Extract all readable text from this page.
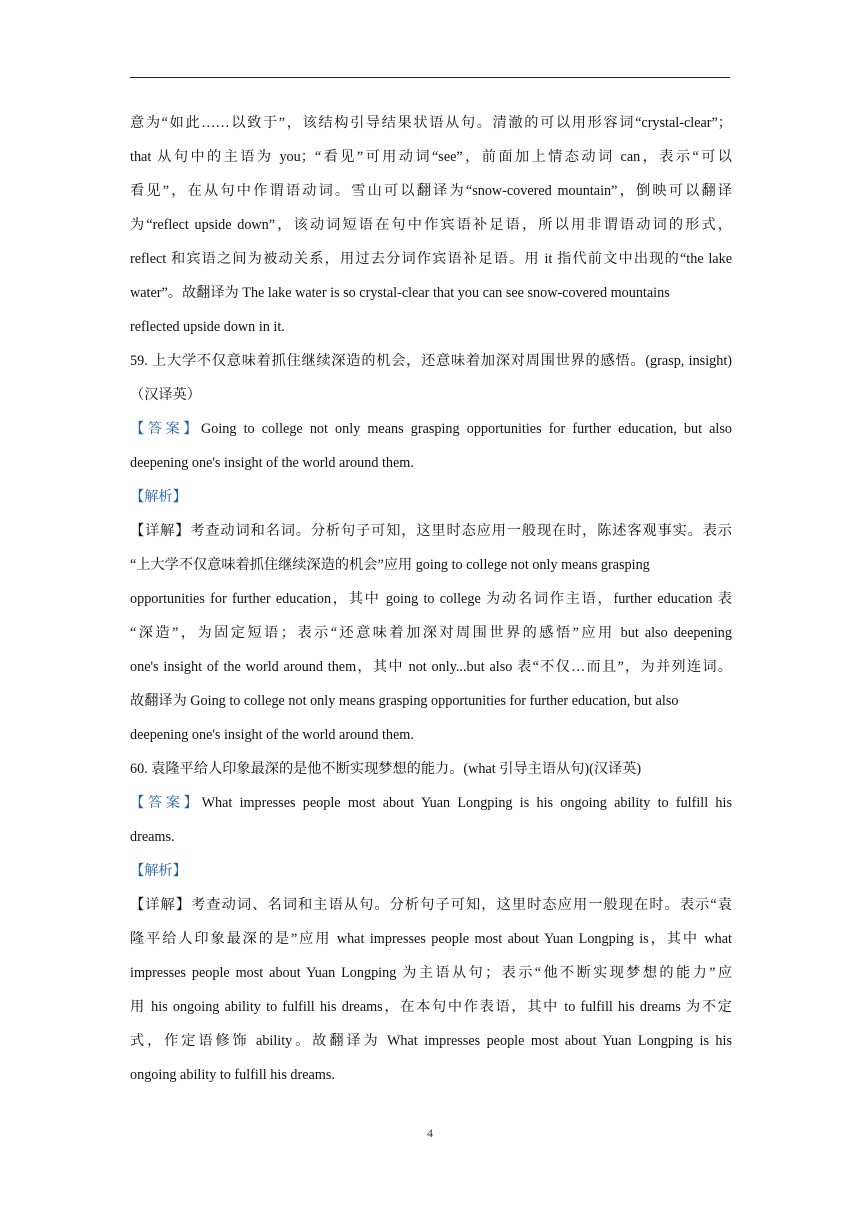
意为“如此……以致于”，该结构引导结果状语从句。清澈的可以用形容词“crystal-clear”；
that 从句中的主语为 you；“看见”可用动词“see”，前面加上情态动词 can，表示“可以
看见”，在从句中作谓语动词。雪山可以翻译为“snow-covered mountain”，倒映可以翻译
为“reflect upside down”，该动词短语在句中作宾语补足语，所以用非谓语动词的形式，
reflect 和宾语之间为被动关系，用过去分词作宾语补足语。用 it 指代前文中出现的“the lake
water”。故翻译为 The lake water is so crystal-clear that you can see snow-covered mountains
reflected upside down in it.
59. 上大学不仅意味着抓住继续深造的机会，还意味着加深对周围世界的感悟。(grasp, insight)
（汉译英）
【答案】Going to college not only means grasping opportunities for further education, but also
deepening one's insight of the world around them.
【解析】
【详解】考查动词和名词。分析句子可知，这里时态应用一般现在时，陈述客观事实。表示
“上大学不仅意味着抓住继续深造的机会”应用 going to college not only means grasping
opportunities for further education，其中 going to college 为动名词作主语，further education 表
“深造”，为固定短语；表示“还意味着加深对周围世界的感悟”应用 but also deepening
one's insight of the world around them，其中 not only...but also 表“不仅…而且”，为并列连词。
故翻译为 Going to college not only means grasping opportunities for further education, but also
deepening one's insight of the world around them.
60. 袁隆平给人印象最深的是他不断实现梦想的能力。(what 引导主语从句)(汉译英)
【答案】What impresses people most about Yuan Longping is his ongoing ability to fulfill his
dreams.
【解析】
【详解】考查动词、名词和主语从句。分析句子可知，这里时态应用一般现在时。表示“袁
隆平给人印象最深的是”应用 what impresses people most about Yuan Longping is，其中 what
impresses people most about Yuan Longping 为主语从句；表示“他不断实现梦想的能力”应
用 his ongoing ability to fulfill his dreams，在本句中作表语，其中 to fulfill his dreams 为不定
式，作定语修饰 ability。故翻译为 What impresses people most about Yuan Longping is his
ongoing ability to fulfill his dreams.
4
